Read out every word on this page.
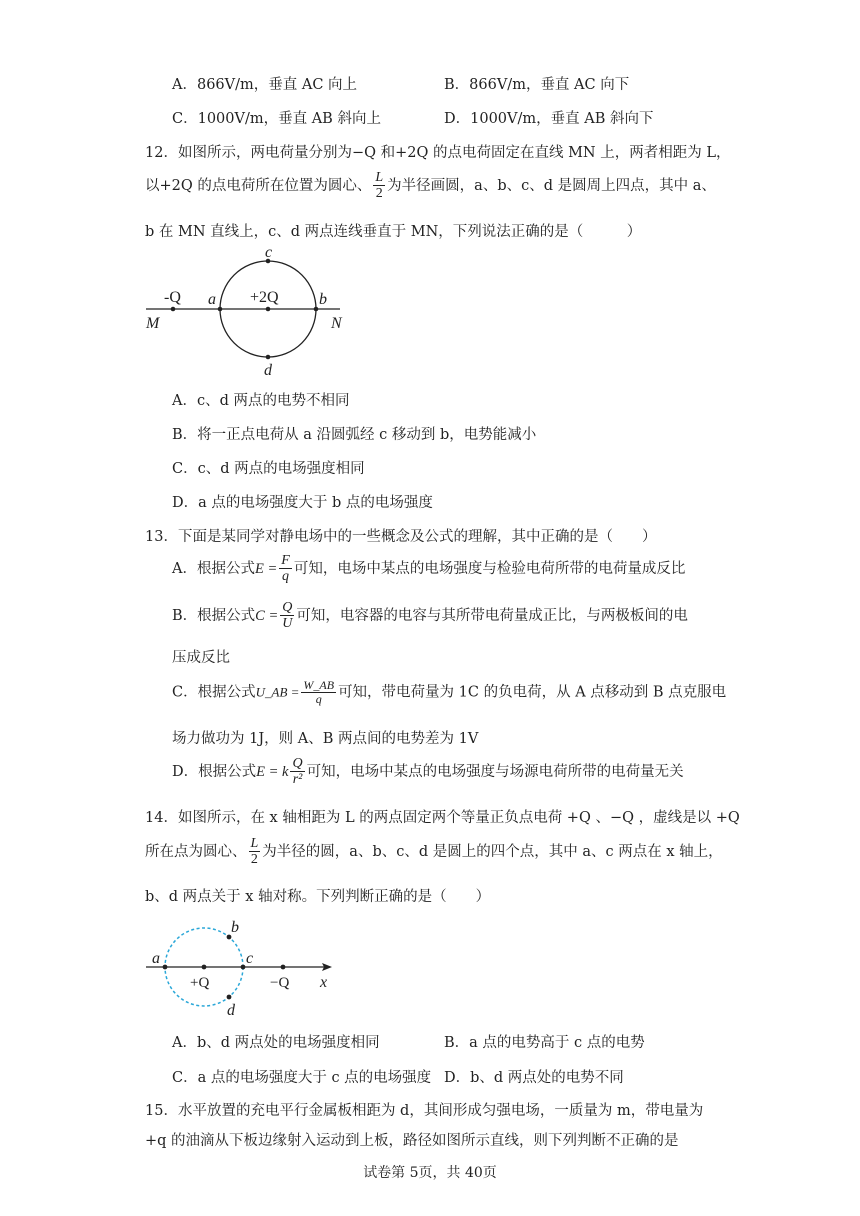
A．866V/m，垂直 AC 向上	B．866V/m，垂直 AC 向下
C．1000V/m，垂直 AB 斜向上	D．1000V/m，垂直 AB 斜向下
12．如图所示，两电荷量分别为−Q 和+2Q 的点电荷固定在直线 MN 上，两者相距为 L，
以+2Q 的点电荷所在位置为圆心、 $\frac{L}{2}$ 为半径画圆，a、b、c、d 是圆周上四点，其中 a、
b 在 MN 直线上，c、d 两点连线垂直于 MN，下列说法正确的是（　　　）
c
d
a	b
-Q	+2Q
M	N
A．c、d 两点的电势不相同
B．将一正点电荷从 a 沿圆弧经 c 移动到 b，电势能减小
C．c、d 两点的电场强度相同
D．a 点的电场强度大于 b 点的电场强度
13．下面是某同学对静电场中的一些概念及公式的理解，其中正确的是（　　）
A．根据公式$E = \frac{F}{q}$ 可知，电场中某点的电场强度与检验电荷所带的电荷量成反比
B．根据公式$C = \frac{Q}{U}$ 可知，电容器的电容与其所带电荷量成正比，与两极板间的电
压成反比
C．根据公式U_AB = $\frac{W\_AB}{q}$ 可知，带电荷量为 1C 的负电荷，从 A 点移动到 B 点克服电
场力做功为 1J，则 A、B 两点间的电势差为 1V
D．根据公式E = k $\frac{Q}{\text{r²}}$ 可知，电场中某点的电场强度与场源电荷所带的电荷量无关
14．如图所示，在 x 轴相距为 L 的两点固定两个等量正负点电荷 +Q 、−Q ，虚线是以 +Q
所在点为圆心、 $\frac{L}{2}$ 为半径的圆，a、b、c、d 是圆上的四个点，其中 a、c 两点在 x 轴上，
b、d 两点关于 x 轴对称。下列判断正确的是（　　）
a
b
c
d
+Q	−Q x
A．b、d 两点处的电场强度相同	B．a 点的电势高于 c 点的电势
C．a 点的电场强度大于 c 点的电场强度 D．b、d 两点处的电势不同
15．水平放置的充电平行金属板相距为 d，其间形成匀强电场，一质量为 m，带电量为
+q 的油滴从下板边缘射入运动到上板，路径如图所示直线，则下列判断不正确的是
试卷第 5页，共 40页
